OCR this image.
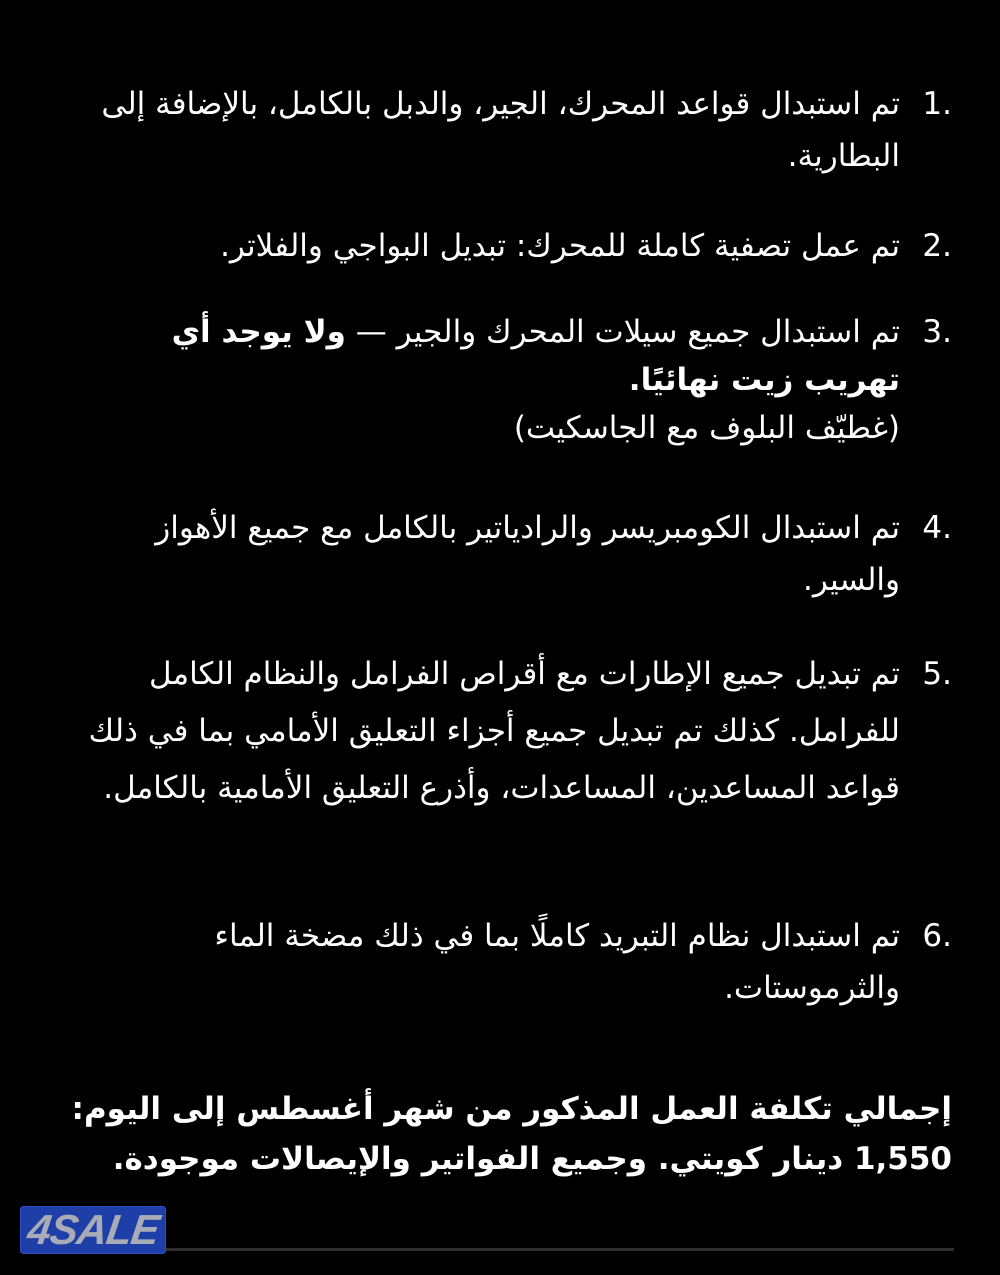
1.
تم استبدال قواعد المحرك، الجير، والدبل بالكامل، بالإضافة إلى البطارية.
2.
تم عمل تصفية كاملة للمحرك: تبديل البواجي والفلاتر.
3.
تم استبدال جميع سيلات المحرك والجير — ولا يوجد أي تهريب زيت نهائيًا.
(غطيّف البلوف مع الجاسكيت)
4.
تم استبدال الكومبريسر والرادياتير بالكامل مع جميع الأهواز والسير.
5.
تم تبديل جميع الإطارات مع أقراص الفرامل والنظام الكامل للفرامل. كذلك تم تبديل جميع أجزاء التعليق الأمامي بما في ذلك قواعد المساعدين، المساعدات، وأذرع التعليق الأمامية بالكامل.
6.
تم استبدال نظام التبريد كاملًا بما في ذلك مضخة الماء والثرموستات.
إجمالي تكلفة العمل المذكور من شهر أغسطس إلى اليوم: 1,550 دينار كويتي. وجميع الفواتير والإيصالات موجودة.
4SALE
